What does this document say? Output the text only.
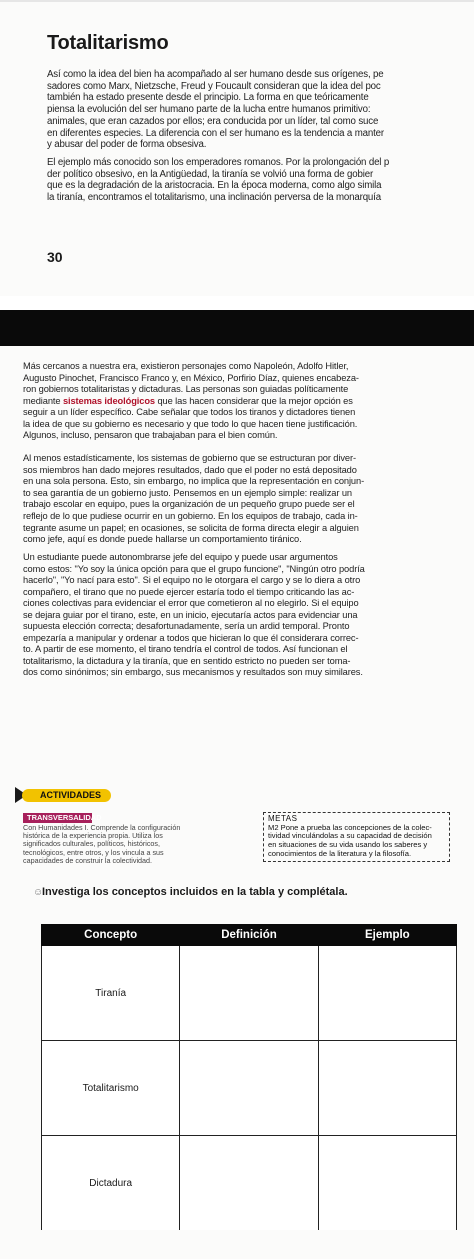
Totalitarismo
Así como la idea del bien ha acompañado al ser humano desde sus orígenes, pe
sadores como Marx, Nietzsche, Freud y Foucault consideran que la idea del poc
también ha estado presente desde el principio. La forma en que teóricamente
piensa la evolución del ser humano parte de la lucha entre humanos primitivo:
animales, que eran cazados por ellos; era conducida por un líder, tal como suce
en diferentes especies. La diferencia con el ser humano es la tendencia a manter
y abusar del poder de forma obsesiva.
El ejemplo más conocido son los emperadores romanos. Por la prolongación del p
der político obsesivo, en la Antigüedad, la tiranía se volvió una forma de gobier
que es la degradación de la aristocracia. En la época moderna, como algo simila
la tiranía, encontramos el totalitarismo, una inclinación perversa de la monarquía
30
Más cercanos a nuestra era, existieron personajes como Napoleón, Adolfo Hitler,
Augusto Pinochet, Francisco Franco y, en México, Porfirio Díaz, quienes encabeza-
ron gobiernos totalitaristas y dictaduras. Las personas son guiadas políticamente
mediante sistemas ideológicos que las hacen considerar que la mejor opción es
seguir a un líder específico. Cabe señalar que todos los tiranos y dictadores tienen
la idea de que su gobierno es necesario y que todo lo que hacen tiene justificación.
Algunos, incluso, pensaron que trabajaban para el bien común.
Al menos estadísticamente, los sistemas de gobierno que se estructuran por diver-
sos miembros han dado mejores resultados, dado que el poder no está depositado
en una sola persona. Esto, sin embargo, no implica que la representación en conjun-
to sea garantía de un gobierno justo. Pensemos en un ejemplo simple: realizar un
trabajo escolar en equipo, pues la organización de un pequeño grupo puede ser el
reflejo de lo que pudiese ocurrir en un gobierno. En los equipos de trabajo, cada in-
tegrante asume un papel; en ocasiones, se solicita de forma directa elegir a alguien
como jefe, aquí es donde puede hallarse un comportamiento tiránico.
Un estudiante puede autonombrarse jefe del equipo y puede usar argumentos
como estos: "Yo soy la única opción para que el grupo funcione", "Ningún otro podría
hacerlo", "Yo nací para esto". Si el equipo no le otorgara el cargo y se lo diera a otro
compañero, el tirano que no puede ejercer estaría todo el tiempo criticando las ac-
ciones colectivas para evidenciar el error que cometieron al no elegirlo. Si el equipo
se dejara guiar por el tirano, este, en un inicio, ejecutaría actos para evidenciar una
supuesta elección correcta; desafortunadamente, sería un ardid temporal. Pronto
empezaría a manipular y ordenar a todos que hicieran lo que él considerara correc-
to. A partir de ese momento, el tirano tendría el control de todos. Así funcionan el
totalitarismo, la dictadura y la tiranía, que en sentido estricto no pueden ser toma-
dos como sinónimos; sin embargo, sus mecanismos y resultados son muy similares.
ACTIVIDADES
TRANSVERSALIDAD
Con Humanidades I. Comprende la configuración
histórica de la experiencia propia. Utiliza los
significados culturales, políticos, históricos,
tecnológicos, entre otros, y los vincula a sus
capacidades de construir la colectividad.
METAS
M2 Pone a prueba las concepciones de la colec-
tividad vinculándolas a su capacidad de decisión
en situaciones de su vida usando los saberes y
conocimientos de la literatura y la filosofía.
☺
Investiga los conceptos incluidos en la tabla y complétala.
Concepto	Definición	Ejemplo
Tiranía		
Totalitarismo		
Dictadura		
